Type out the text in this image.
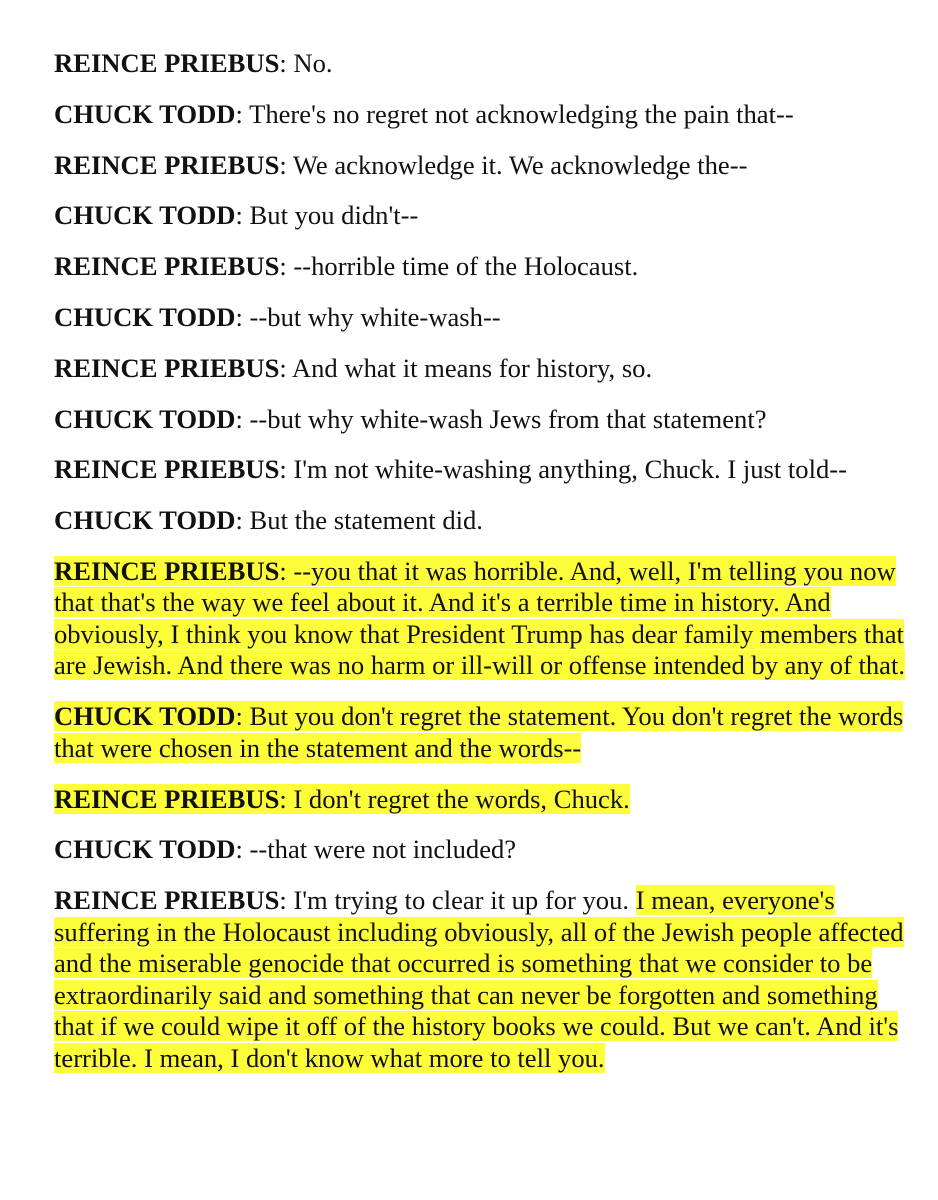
REINCE PRIEBUS: No.

CHUCK TODD: There's no regret not acknowledging the pain that--

REINCE PRIEBUS: We acknowledge it. We acknowledge the--

CHUCK TODD: But you didn't--

REINCE PRIEBUS: --horrible time of the Holocaust.

CHUCK TODD: --but why white-wash--

REINCE PRIEBUS: And what it means for history, so.

CHUCK TODD: --but why white-wash Jews from that statement?

REINCE PRIEBUS: I'm not white-washing anything, Chuck. I just told--

CHUCK TODD: But the statement did.

REINCE PRIEBUS: --you that it was horrible. And, well, I'm telling you now that that's the way we feel about it. And it's a terrible time in history. And obviously, I think you know that President Trump has dear family members that are Jewish. And there was no harm or ill-will or offense intended by any of that.

CHUCK TODD: But you don't regret the statement. You don't regret the words that were chosen in the statement and the words--

REINCE PRIEBUS: I don't regret the words, Chuck.

CHUCK TODD: --that were not included?

REINCE PRIEBUS: I'm trying to clear it up for you. I mean, everyone's suffering in the Holocaust including obviously, all of the Jewish people affected and the miserable genocide that occurred is something that we consider to be extraordinarily said and something that can never be forgotten and something that if we could wipe it off of the history books we could. But we can't. And it's terrible. I mean, I don't know what more to tell you.
